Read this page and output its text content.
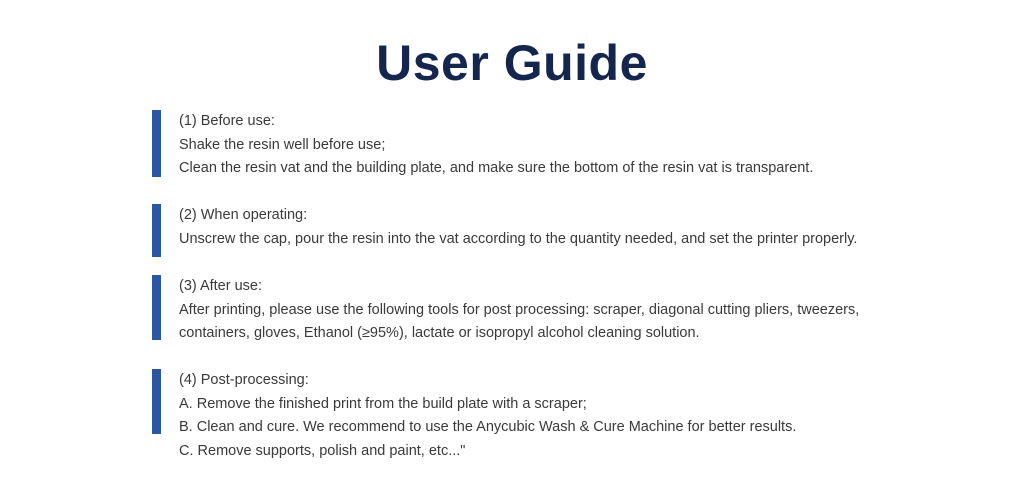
User Guide
(1) Before use:
Shake the resin well before use;
Clean the resin vat and the building plate, and make sure the bottom of the resin vat is transparent.
(2) When operating:
Unscrew the cap, pour the resin into the vat according to the quantity needed, and set the printer properly.
(3) After use:
After printing, please use the following tools for post processing: scraper, diagonal cutting pliers, tweezers,
containers, gloves, Ethanol (≥95%), lactate or isopropyl alcohol cleaning solution.
(4) Post-processing:
A. Remove the finished print from the build plate with a scraper;
B. Clean and cure. We recommend to use the Anycubic Wash & Cure Machine for better results.
C. Remove supports, polish and paint, etc..."
